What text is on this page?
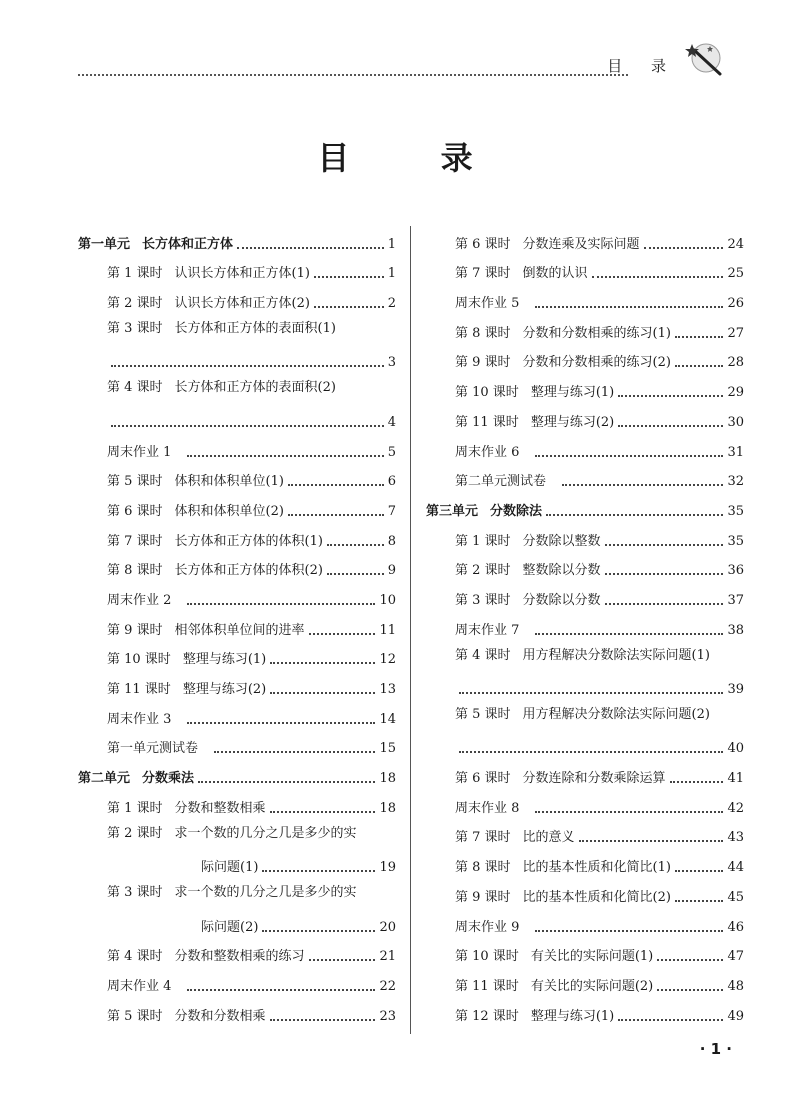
目 录
目 录
第一单元 长方体和正方体	1
第 1 课时 认识长方体和正方体(1)	1
第 2 课时 认识长方体和正方体(2)	2
第 3 课时 长方体和正方体的表面积(1)
3
第 4 课时 长方体和正方体的表面积(2)
4
周末作业 1	5
第 5 课时 体积和体积单位(1)	6
第 6 课时 体积和体积单位(2)	7
第 7 课时 长方体和正方体的体积(1)	8
第 8 课时 长方体和正方体的体积(2)	9
周末作业 2	10
第 9 课时 相邻体积单位间的进率	11
第 10 课时 整理与练习(1)	12
第 11 课时 整理与练习(2)	13
周末作业 3	14
第一单元测试卷	15
第二单元 分数乘法	18
第 1 课时 分数和整数相乘	18
第 2 课时 求一个数的几分之几是多少的实
际问题(1)	19
第 3 课时 求一个数的几分之几是多少的实
际问题(2)	20
第 4 课时 分数和整数相乘的练习	21
周末作业 4	22
第 5 课时 分数和分数相乘	23
第 6 课时 分数连乘及实际问题	24
第 7 课时 倒数的认识	25
周末作业 5	26
第 8 课时 分数和分数相乘的练习(1)	27
第 9 课时 分数和分数相乘的练习(2)	28
第 10 课时 整理与练习(1)	29
第 11 课时 整理与练习(2)	30
周末作业 6	31
第二单元测试卷	32
第三单元 分数除法	35
第 1 课时 分数除以整数	35
第 2 课时 整数除以分数	36
第 3 课时 分数除以分数	37
周末作业 7	38
第 4 课时 用方程解决分数除法实际问题(1)
39
第 5 课时 用方程解决分数除法实际问题(2)
40
第 6 课时 分数连除和分数乘除运算	41
周末作业 8	42
第 7 课时 比的意义	43
第 8 课时 比的基本性质和化简比(1)	44
第 9 课时 比的基本性质和化简比(2)	45
周末作业 9	46
第 10 课时 有关比的实际问题(1)	47
第 11 课时 有关比的实际问题(2)	48
第 12 课时 整理与练习(1)	49
· 1 ·
